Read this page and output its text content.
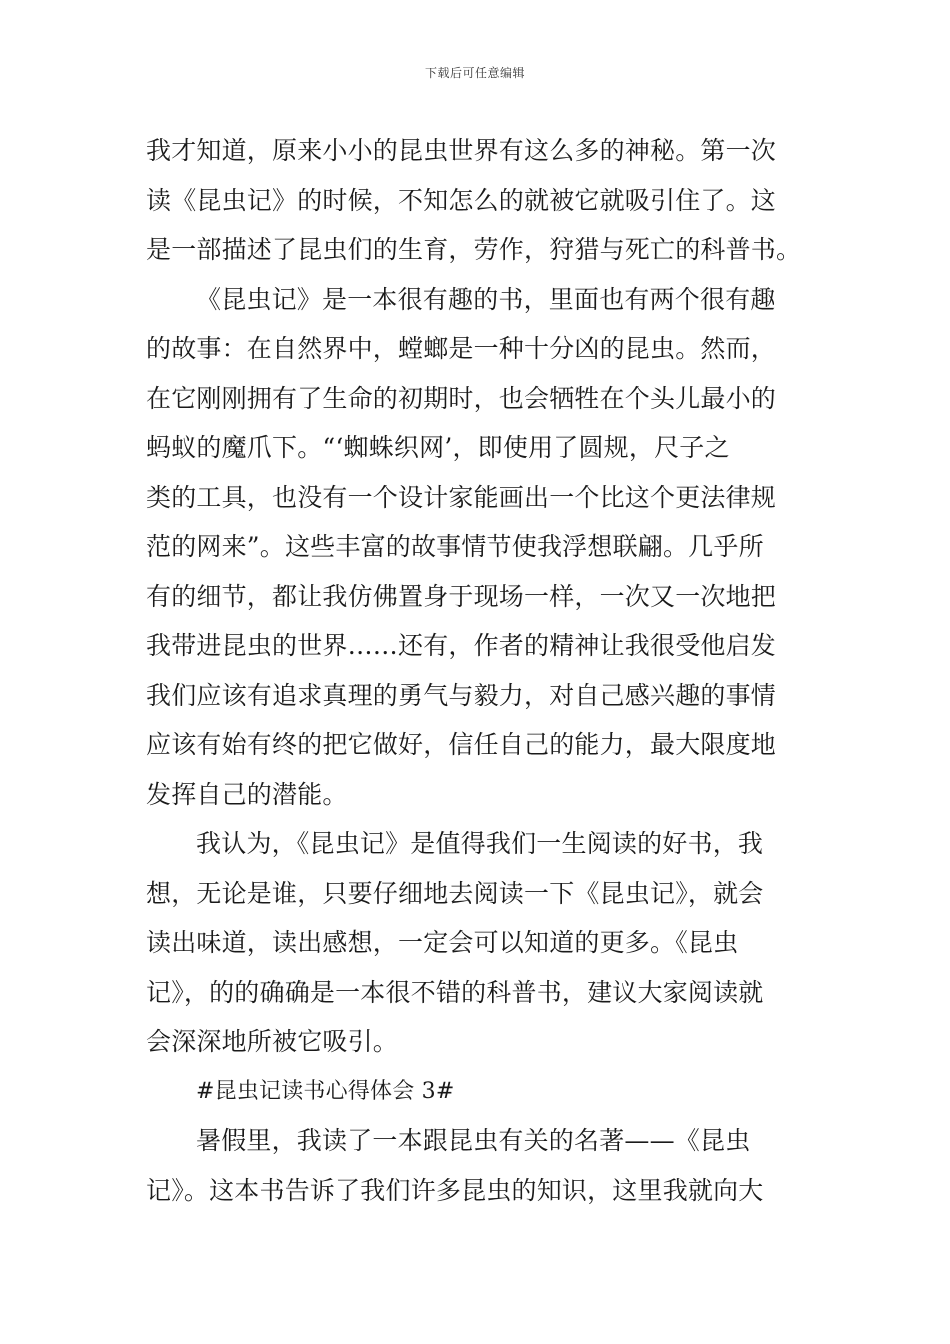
下载后可任意编辑
我才知道，原来小小的昆虫世界有这么多的神秘。第一次
读《昆虫记》的时候，不知怎么的就被它就吸引住了。这
是一部描述了昆虫们的生育，劳作，狩猎与死亡的科普书。
《昆虫记》是一本很有趣的书，里面也有两个很有趣
的故事：在自然界中，螳螂是一种十分凶的昆虫。然而，
在它刚刚拥有了生命的初期时，也会牺牲在个头儿最小的
蚂蚁的魔爪下。“‘蜘蛛织网’，即使用了圆规，尺子之
类的工具，也没有一个设计家能画出一个比这个更法律规
范的网来”。这些丰富的故事情节使我浮想联翩。几乎所
有的细节，都让我仿佛置身于现场一样，一次又一次地把
我带进昆虫的世界……还有，作者的精神让我很受他启发
我们应该有追求真理的勇气与毅力，对自己感兴趣的事情
应该有始有终的把它做好，信任自己的能力，最大限度地
发挥自己的潜能。
我认为，《昆虫记》是值得我们一生阅读的好书，我
想，无论是谁，只要仔细地去阅读一下《昆虫记》，就会
读出味道，读出感想，一定会可以知道的更多。《昆虫
记》，的的确确是一本很不错的科普书，建议大家阅读就
会深深地所被它吸引。
#昆虫记读书心得体会 3#
暑假里，我读了一本跟昆虫有关的名著——《昆虫
记》。这本书告诉了我们许多昆虫的知识，这里我就向大
